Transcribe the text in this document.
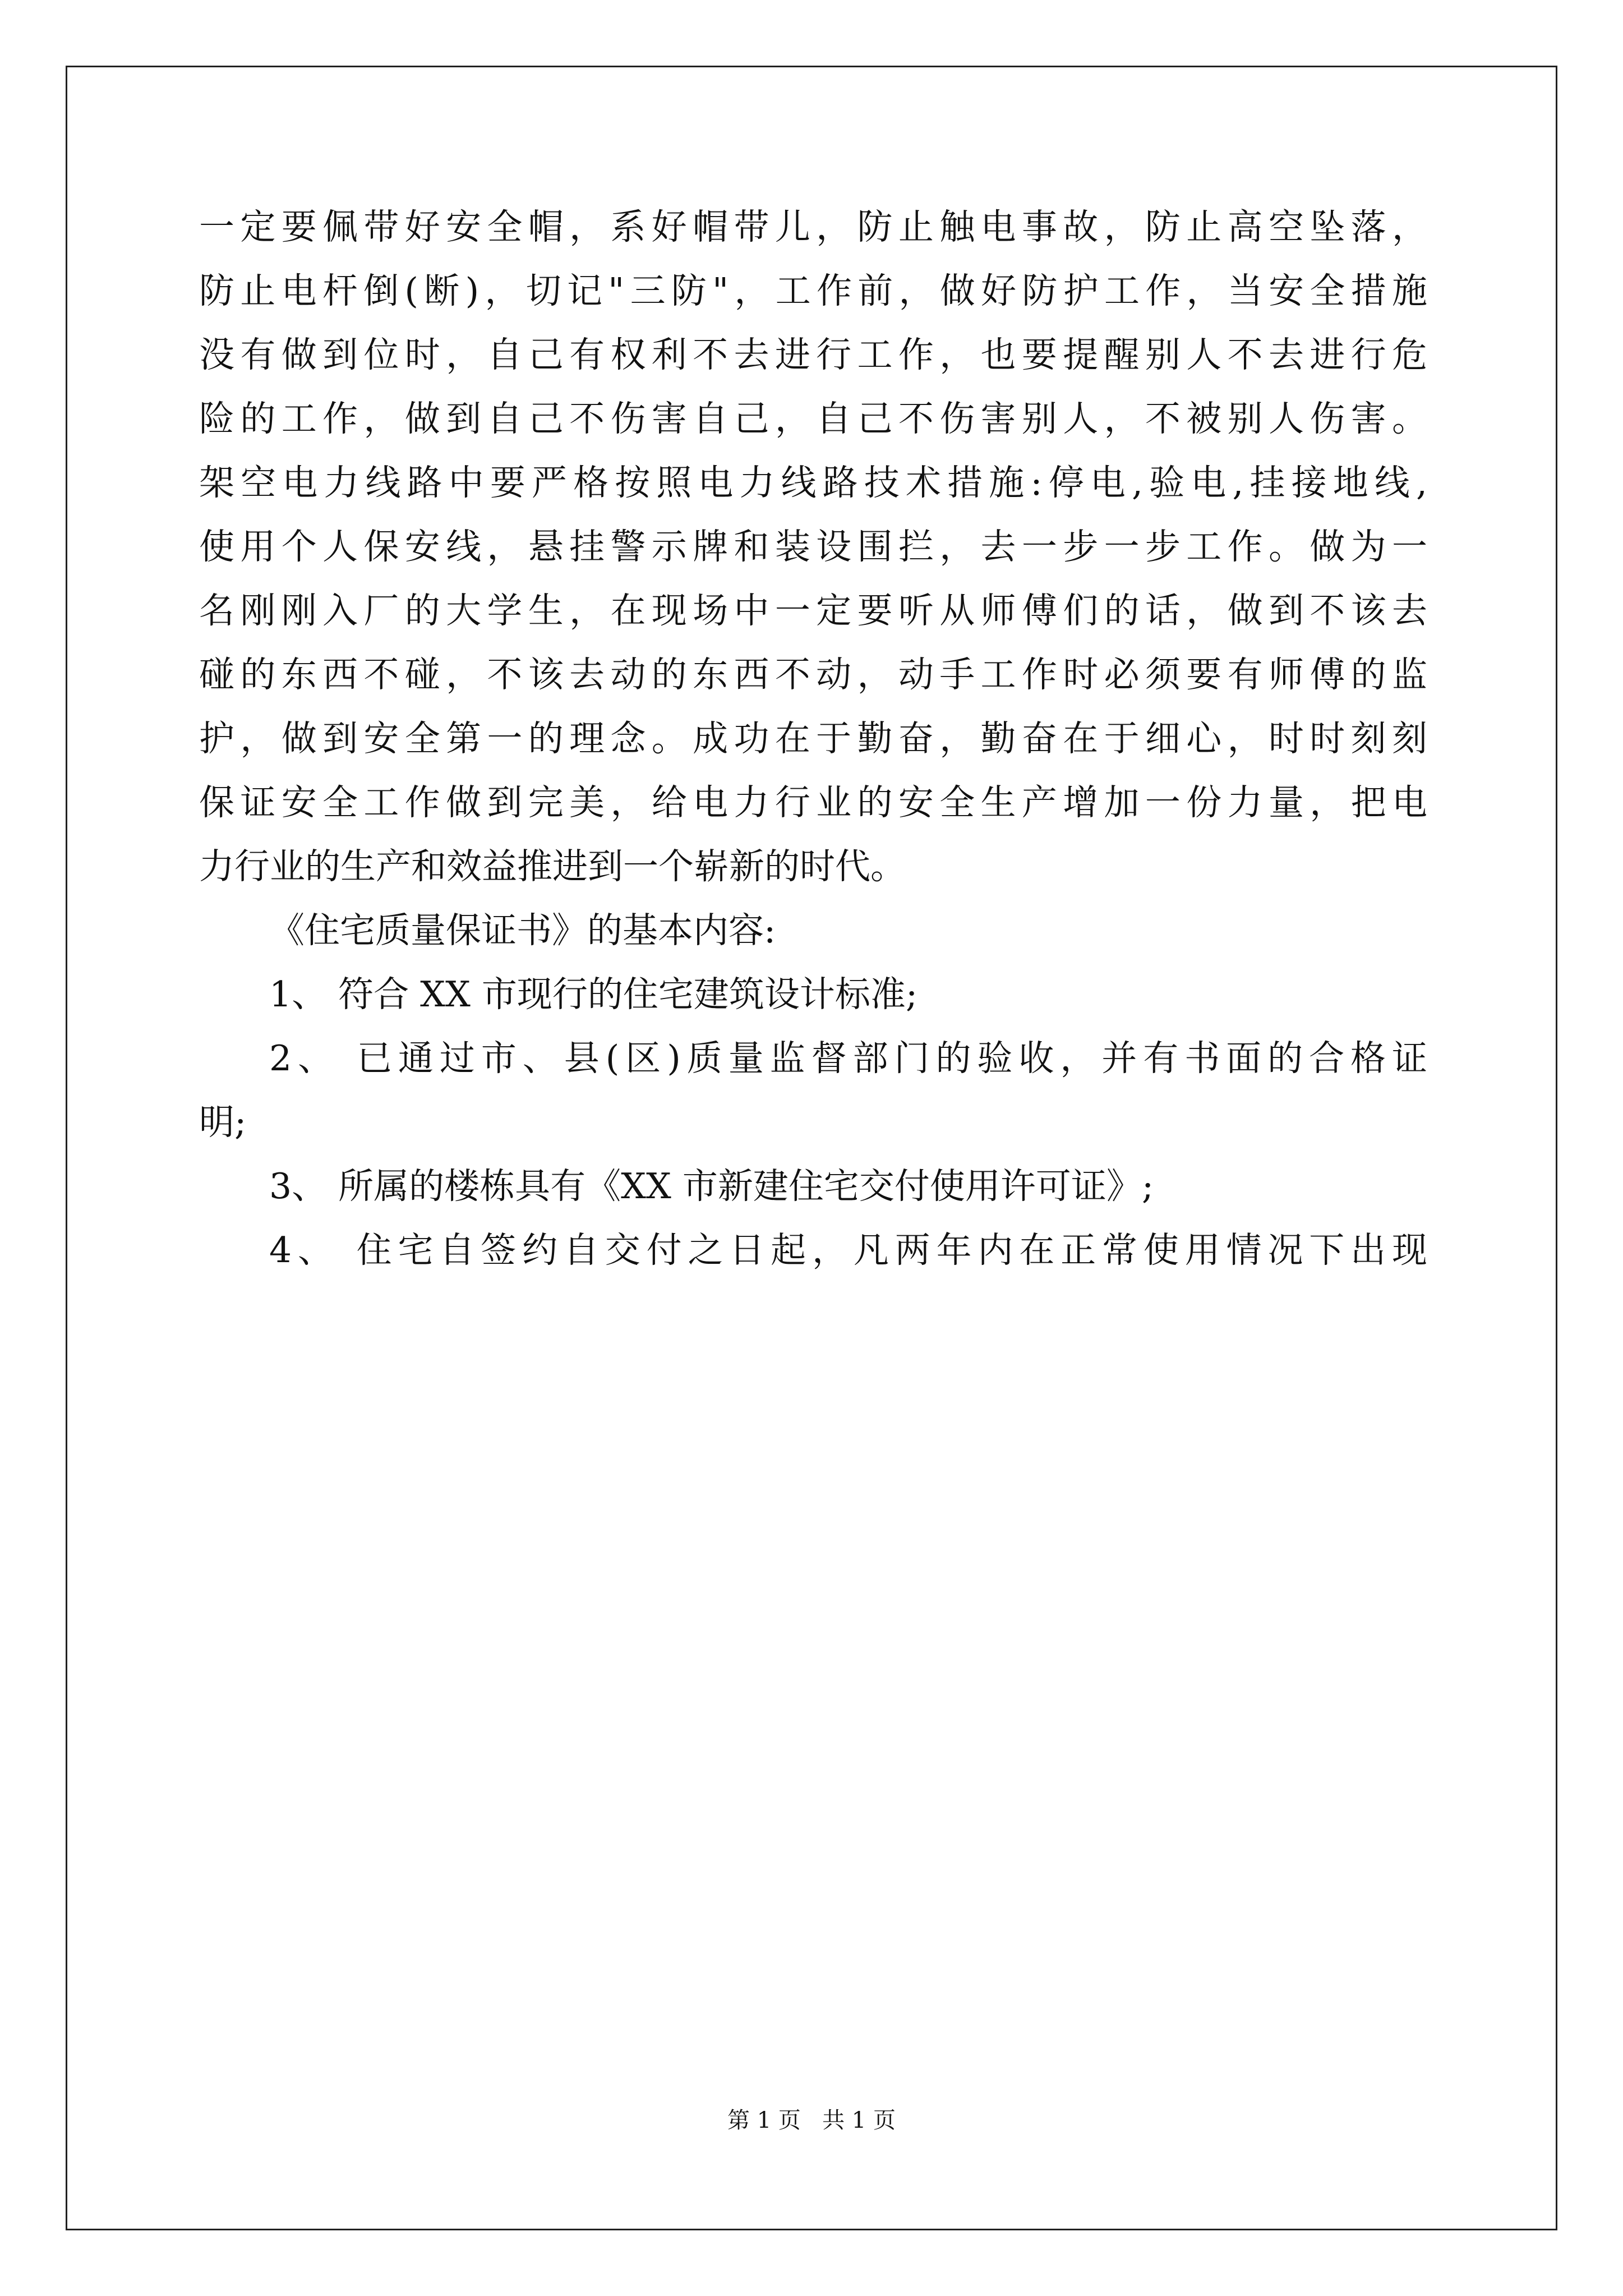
一定要佩带好安全帽，系好帽带儿，防止触电事故，防止高空坠落，
防止电杆倒(断)，切记"三防"，工作前，做好防护工作，当安全措施
没有做到位时，自己有权利不去进行工作，也要提醒别人不去进行危
险的工作，做到自己不伤害自己，自己不伤害别人，不被别人伤害。
架空电力线路中要严格按照电力线路技术措施:停电,验电,挂接地线,
使用个人保安线，悬挂警示牌和装设围拦，去一步一步工作。做为一
名刚刚入厂的大学生，在现场中一定要听从师傅们的话，做到不该去
碰的东西不碰，不该去动的东西不动，动手工作时必须要有师傅的监
护，做到安全第一的理念。成功在于勤奋，勤奋在于细心，时时刻刻
保证安全工作做到完美，给电力行业的安全生产增加一份力量，把电
力行业的生产和效益推进到一个崭新的时代。
《住宅质量保证书》的基本内容:
1、 符合 XX 市现行的住宅建筑设计标准;
2、 已通过市、县(区)质量监督部门的验收，并有书面的合格证
明;
3、 所属的楼栋具有《XX 市新建住宅交付使用许可证》;
4、 住宅自签约自交付之日起，凡两年内在正常使用情况下出现
第 1 页   共 1 页
